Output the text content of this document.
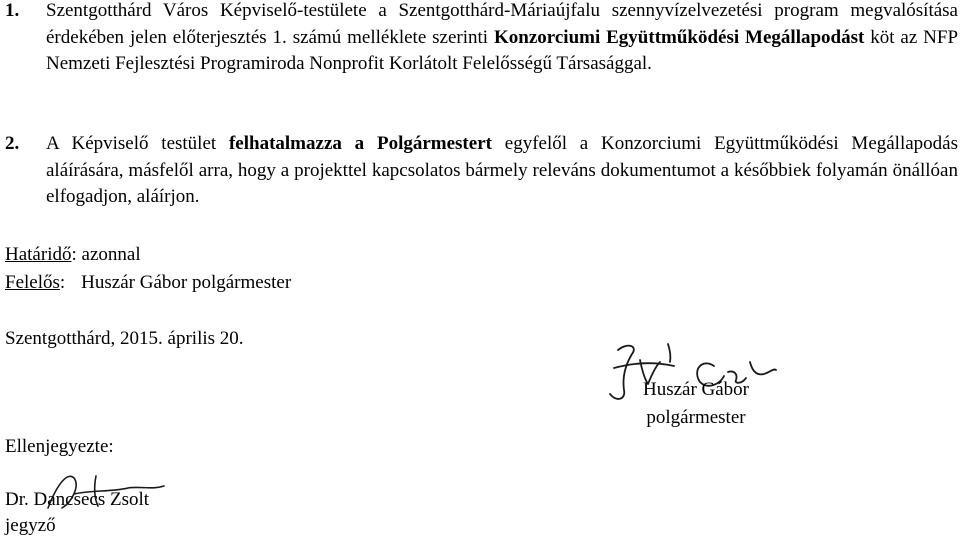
1. Szentgotthárd Város Képviselő-testülete a Szentgotthárd-Máriaújfalu szennyvízelvezetési program megvalósítása érdekében jelen előterjesztés 1. számú melléklete szerinti Konzorciumi Együttműködési Megállapodást köt az NFP Nemzeti Fejlesztési Programiroda Nonprofit Korlátolt Felelősségű Társasággal.
2. A Képviselő testület felhatalmazza a Polgármestert egyfelől a Konzorciumi Együttműködési Megállapodás aláírására, másfelől arra, hogy a projekttel kapcsolatos bármely releváns dokumentumot a későbbiek folyamán önállóan elfogadjon, aláírjon.
Határidő: azonnal
Felelős: Huszár Gábor polgármester
Szentgotthárd, 2015. április 20.
Huszár Gábor
polgármester
Ellenjegyezte:
Dr. Dancsecs Zsolt
jegyző
